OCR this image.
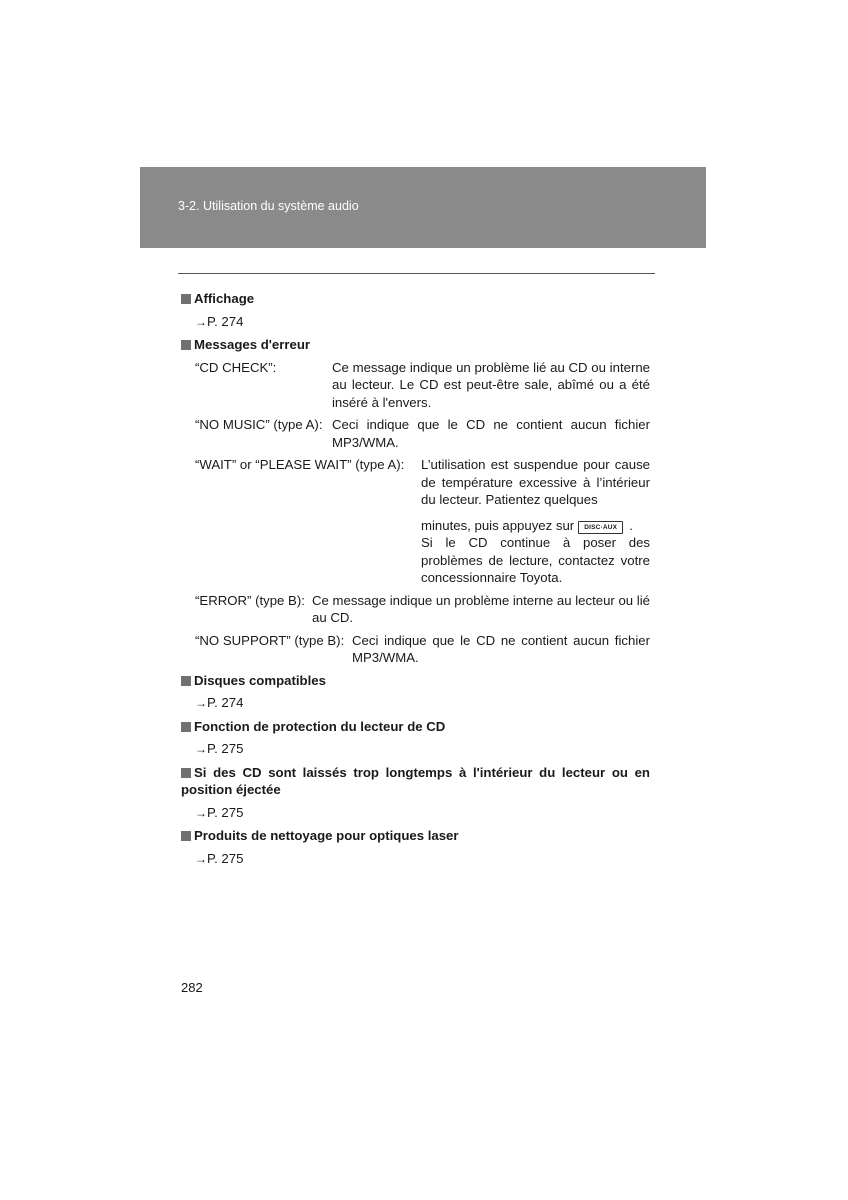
3-2. Utilisation du système audio
Affichage
→P. 274
Messages d'erreur
“CD CHECK”:	Ce message indique un problème lié au CD ou interne au lecteur. Le CD est peut-être sale, abîmé ou a été inséré à l'envers.
“NO MUSIC” (type A): Ceci indique que le CD ne contient aucun fichier MP3/WMA.
“WAIT” or “PLEASE WAIT” (type A): L’utilisation est suspendue pour cause de température excessive à l’intérieur du lecteur. Patientez quelques
minutes, puis appuyez sur DISC·AUX .
Si le CD continue à poser des problèmes de lecture, contactez votre concessionnaire Toyota.
“ERROR” (type B): Ce message indique un problème interne au lecteur ou lié au CD.
“NO SUPPORT” (type B): Ceci indique que le CD ne contient aucun fichier MP3/WMA.
Disques compatibles
→P. 274
Fonction de protection du lecteur de CD
→P. 275
Si des CD sont laissés trop longtemps à l'intérieur du lecteur ou en position éjectée
→P. 275
Produits de nettoyage pour optiques laser
→P. 275
282
